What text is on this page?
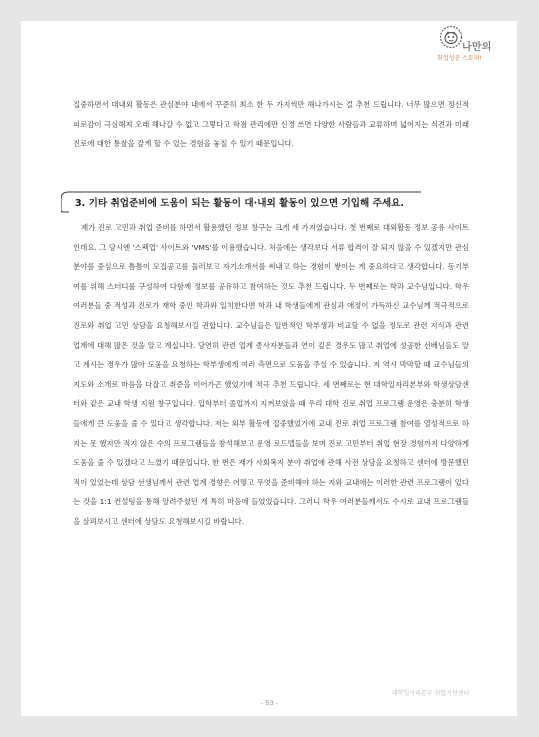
나만의
취업성공 스토리!

집중하면서 대내외 활동은 관심분야 내에서 꾸준히 최소 한 두 가지씩만 해나가시는 걸 추천 드립니다. 너무 많으면 정신적 피로감이 극심해져 오래 해나갈 수 없고 그렇다고 학점 관리에만 신경 쓰면 다양한 사람들과 교류하며 넓어지는 식견과 미래 진로에 대한 통찰을 갚게 할 수 있는 경험을 놓칠 수 있기 때문입니다.

3. 기타 취업준비에 도움이 되는 활동이 대·내외 활동이 있으면 기입해 주세요.

제가 진로 고민과 취업 준비를 하면서 활용했던 정보 창구는 크게 세 가지였습니다. 첫 번째로 대외활동 정보 공유 사이트인데요. 그 당시엔 '스펙업' 사이트와 'VMS'를 이용했습니다. 처음에는 생각보다 서류 합격이 잘 되지 않을 수 있겠지만 관심분야를 중심으로 틈틈이 모집공고를 둘러보고 자기소개서를 써내고 하는 경험이 쌓이는 게 중요하다고 생각합니다. 동기부여를 위해 스터디를 구성하여 다함께 정보를 공유하고 참여하는 것도 추천 드립니다. 두 번째로는 학과 교수님입니다. 학우 여러분들 중 적성과 진로가 재학 중인 학과와 일치한다면 학과 내 학생들에게 관심과 애정이 가득하신 교수님께 적극적으로 진로와 취업 고민 상담을 요청해보시길 권합니다. 교수님들은 일반적인 학부생과 비교할 수 없을 정도로 관련 지식과 관련 업계에 대해 많은 것을 알고 계십니다. 당연히 관련 업계 종사자분들과 연이 깊은 경우도 많고 취업에 성공한 선배님들도 알고 계시는 경우가 많아 도움을 요청하는 학부생에게 여러 측면으로 도움을 주실 수 있습니다. 저 역시 막막할 때 교수님들의 지도와 소개로 마음을 다잡고 취준을 이어가곤 했었기에 적극 추천 드립니다. 세 번째로는 현 대학일자리본부와 학생상담센터와 같은 교내 학생 지원 창구입니다. 입학부터 졸업까지 지켜보았을 때 우리 대학 진로 취업 프로그램 운영은 충분히 학생들에게 큰 도움을 줄 수 있다고 생각합니다. 저는 외부 활동에 집중했었기에 교내 진로 취업 프로그램 참여를 열성적으로 하지는 못 했지만 적지 않은 수의 프로그램들을 참석해보고 운영 로드맵들을 보며 진로 고민부터 취업 현장 경험까지 다양하게 도움을 줄 수 있겠다고 느꼈기 때문입니다. 한 번은 제가 사회복지 분야 취업에 관해 사전 상담을 요청하고 센터에 방문했던 적이 있었는데 상담 선생님께서 관련 업계 경향은 어떻고 무엇을 준비해야 하는 지와 교내에는 이러한 관련 프로그램이 있다는 것을 1:1 컨설팅을 통해 알려주셨던 게 특히 마음에 들었었습니다. 그러니 학우 여러분들께서도 수시로 교내 프로그램들을 살펴보시고 센터에 상담도 요청해보시길 바랍니다.

대학일자리본부 취업지원센터
- 53 -
